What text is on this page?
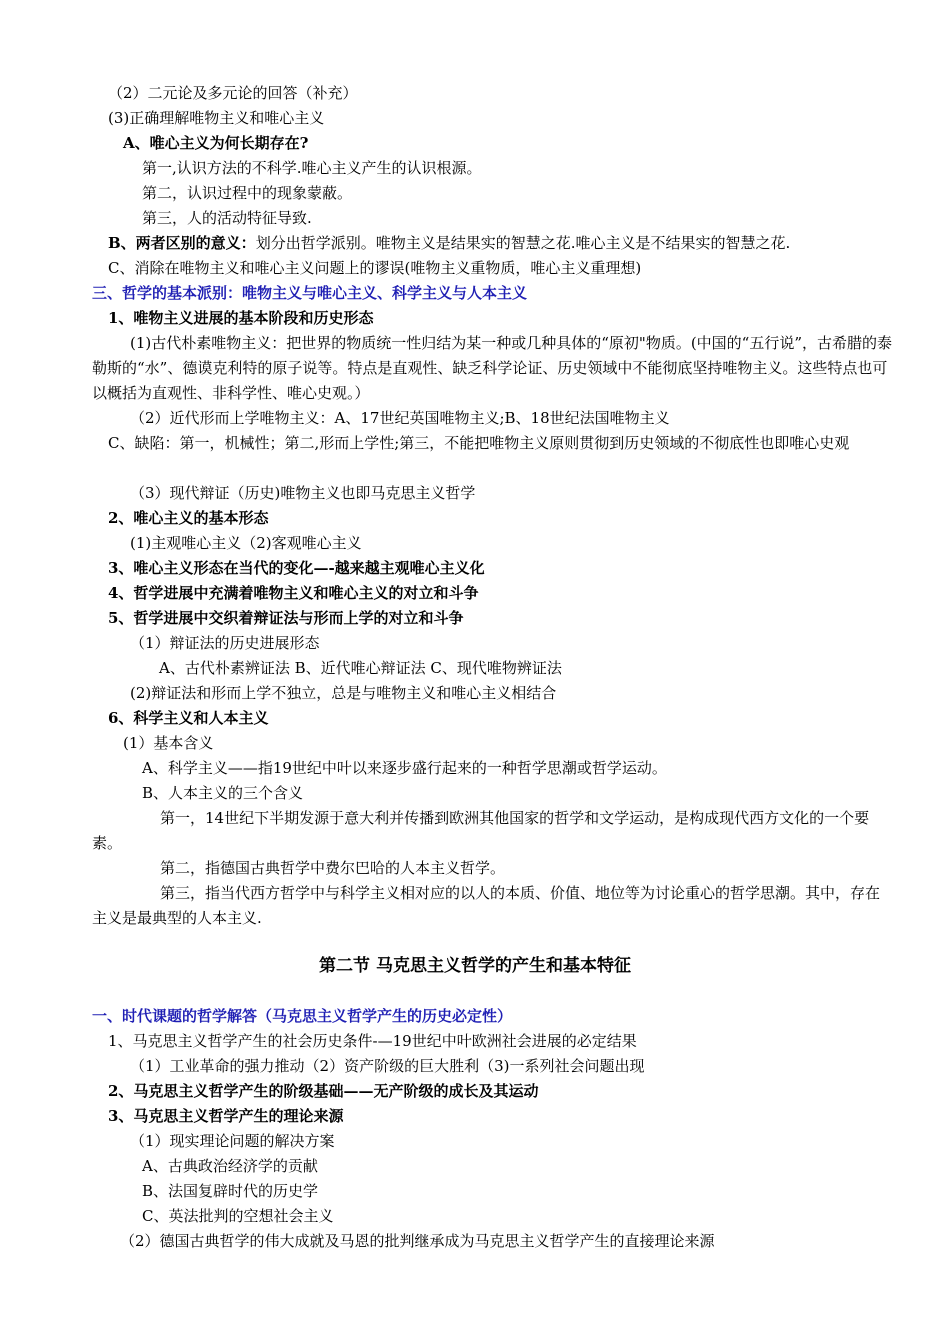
（2）二元论及多元论的回答（补充）
(3)正确理解唯物主义和唯心主义
A、唯心主义为何长期存在?
第一,认识方法的不科学.唯心主义产生的认识根源。
第二，认识过程中的现象蒙蔽。
第三，人的活动特征导致.
B、两者区别的意义：划分出哲学派别。唯物主义是结果实的智慧之花.唯心主义是不结果实的智慧之花.
C、消除在唯物主义和唯心主义问题上的谬误(唯物主义重物质，唯心主义重理想)
三、哲学的基本派别：唯物主义与唯心主义、科学主义与人本主义
1、唯物主义进展的基本阶段和历史形态
(1)古代朴素唯物主义：把世界的物质统一性归结为某一种或几种具体的“原初"物质。(中国的“五行说”，古希腊的泰勒斯的“水”、德谟克利特的原子说等。特点是直观性、缺乏科学论证、历史领域中不能彻底坚持唯物主义。这些特点也可以概括为直观性、非科学性、唯心史观。）
（2）近代形而上学唯物主义：A、17世纪英国唯物主义;B、18世纪法国唯物主义
C、缺陷：第一，机械性；第二,形而上学性;第三，不能把唯物主义原则贯彻到历史领域的不彻底性也即唯心史观
（3）现代辩证（历史)唯物主义也即马克思主义哲学
2、唯心主义的基本形态
(1)主观唯心主义（2)客观唯心主义
3、唯心主义形态在当代的变化—-越来越主观唯心主义化
4、哲学进展中充满着唯物主义和唯心主义的对立和斗争
5、哲学进展中交织着辩证法与形而上学的对立和斗争
（1）辩证法的历史进展形态
A、古代朴素辨证法 B、近代唯心辩证法 C、现代唯物辨证法
(2)辩证法和形而上学不独立，总是与唯物主义和唯心主义相结合
6、科学主义和人本主义
(1）基本含义
A、科学主义——指19世纪中叶以来逐步盛行起来的一种哲学思潮或哲学运动。
B、人本主义的三个含义
第一，14世纪下半期发源于意大利并传播到欧洲其他国家的哲学和文学运动，是构成现代西方文化的一个要素。
第二，指德国古典哲学中费尔巴哈的人本主义哲学。
第三，指当代西方哲学中与科学主义相对应的以人的本质、价值、地位等为讨论重心的哲学思潮。其中，存在主义是最典型的人本主义.
第二节 马克思主义哲学的产生和基本特征
一、时代课题的哲学解答（马克思主义哲学产生的历史必定性）
1、马克思主义哲学产生的社会历史条件-—19世纪中叶欧洲社会进展的必定结果
（1）工业革命的强力推动（2）资产阶级的巨大胜利（3)一系列社会问题出现
2、马克思主义哲学产生的阶级基础——无产阶级的成长及其运动
3、马克思主义哲学产生的理论来源
（1）现实理论问题的解决方案
A、古典政治经济学的贡献
B、法国复辟时代的历史学
C、英法批判的空想社会主义
（2）德国古典哲学的伟大成就及马恩的批判继承成为马克思主义哲学产生的直接理论来源
